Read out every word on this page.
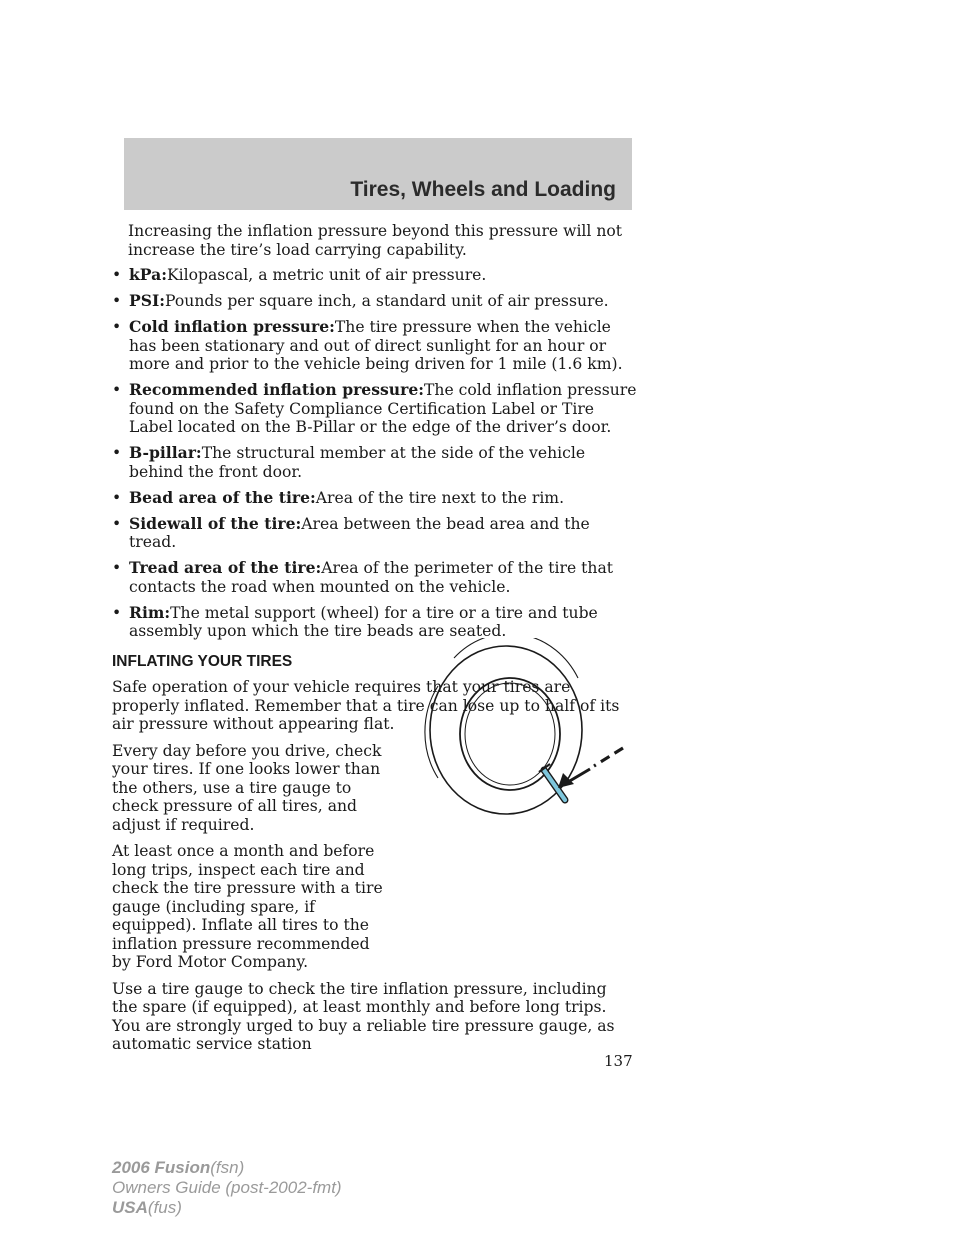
Tires, Wheels and Loading

Increasing the inflation pressure beyond this pressure will not increase the tire’s load carrying capability.

• kPa:Kilopascal, a metric unit of air pressure.
• PSI:Pounds per square inch, a standard unit of air pressure.
• Cold inflation pressure:The tire pressure when the vehicle has been stationary and out of direct sunlight for an hour or more and prior to the vehicle being driven for 1 mile (1.6 km).
• Recommended inflation pressure:The cold inflation pressure found on the Safety Compliance Certification Label or Tire Label located on the B-Pillar or the edge of the driver’s door.
• B-pillar:The structural member at the side of the vehicle behind the front door.
• Bead area of the tire:Area of the tire next to the rim.
• Sidewall of the tire:Area between the bead area and the tread.
• Tread area of the tire:Area of the perimeter of the tire that contacts the road when mounted on the vehicle.
• Rim:The metal support (wheel) for a tire or a tire and tube assembly upon which the tire beads are seated.
INFLATING YOUR TIRES

Safe operation of your vehicle requires that your tires are properly inflated. Remember that a tire can lose up to half of its air pressure without appearing flat.

Every day before you drive, check your tires. If one looks lower than the others, use a tire gauge to check pressure of all tires, and adjust if required.

At least once a month and before long trips, inspect each tire and check the tire pressure with a tire gauge (including spare, if equipped). Inflate all tires to the inflation pressure recommended by Ford Motor Company.

Use a tire gauge to check the tire inflation pressure, including the spare (if equipped), at least monthly and before long trips. You are strongly urged to buy a reliable tire pressure gauge, as automatic service station

137

2006 Fusion(fsn)
Owners Guide (post-2002-fmt)
USA(fus)
